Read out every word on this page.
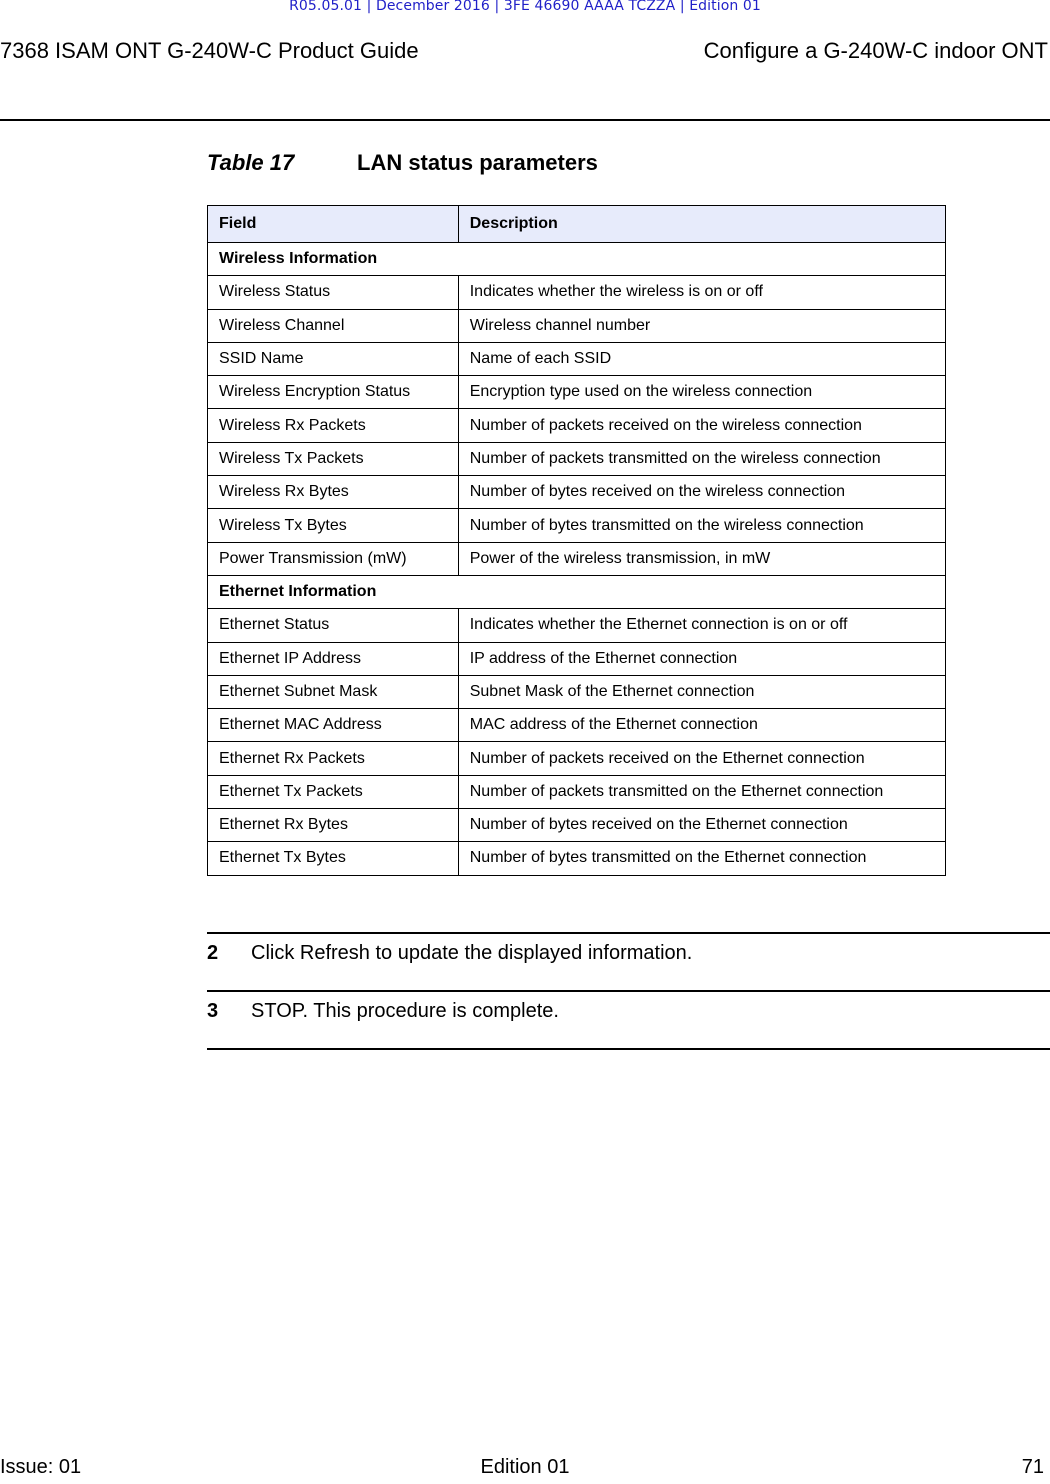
R05.05.01 | December 2016 | 3FE 46690 AAAA TCZZA | Edition 01
7368 ISAM ONT G-240W-C Product Guide	Configure a G-240W-C indoor ONT
Table 17	LAN status parameters
Field	Description
Wireless Information	
Wireless Status	Indicates whether the wireless is on or off
Wireless Channel	Wireless channel number
SSID Name	Name of each SSID
Wireless Encryption Status	Encryption type used on the wireless connection
Wireless Rx Packets	Number of packets received on the wireless connection
Wireless Tx Packets	Number of packets transmitted on the wireless connection
Wireless Rx Bytes	Number of bytes received on the wireless connection
Wireless Tx Bytes	Number of bytes transmitted on the wireless connection
Power Transmission (mW)	Power of the wireless transmission, in mW
Ethernet Information	
Ethernet Status	Indicates whether the Ethernet connection is on or off
Ethernet IP Address	IP address of the Ethernet connection
Ethernet Subnet Mask	Subnet Mask of the Ethernet connection
Ethernet MAC Address	MAC address of the Ethernet connection
Ethernet Rx Packets	Number of packets received on the Ethernet connection
Ethernet Tx Packets	Number of packets transmitted on the Ethernet connection
Ethernet Rx Bytes	Number of bytes received on the Ethernet connection
Ethernet Tx Bytes	Number of bytes transmitted on the Ethernet connection
2 Click Refresh to update the displayed information.
3 STOP. This procedure is complete.
Issue: 01	Edition 01	71
